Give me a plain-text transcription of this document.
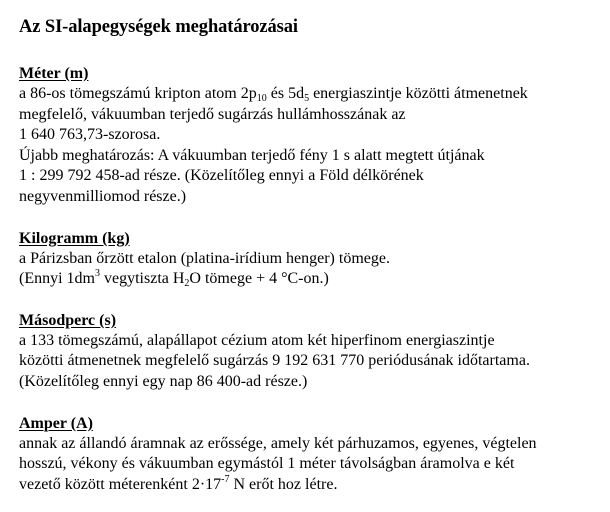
Az SI-alapegységek meghatározásai
Méter (m)
a 86-os tömegszámú kripton atom $2p_{10}$ és $5d_5$ energiaszintje közötti átmenetnek
megfelelő, vákuumban terjedő sugárzás hullámhosszának az
1 640 763,73-szorosa.
Újabb meghatározás: A vákuumban terjedő fény 1 s alatt megtett útjának
1 : 299 792 458-ad része. (Közelítőleg ennyi a Föld délkörének
negyvenmilliomod része.)
Kilogramm (kg)
a Párizsban őrzött etalon (platina-irídium henger) tömege.
(Ennyi $1dm^3$ vegytiszta $H_2O$ tömege + 4 °C-on.)
Másodperc (s)
a 133 tömegszámú, alapállapot cézium atom két hiperfinom energiaszintje
közötti átmenetnek megfelelő sugárzás 9 192 631 770 periódusának időtartama.
(Közelítőleg ennyi egy nap 86 400-ad része.)
Amper (A)
annak az állandó áramnak az erőssége, amely két párhuzamos, egyenes, végtelen
hosszú, vékony és vákuumban egymástól 1 méter távolságban áramolva e két
vezető között méterenként $2\cdot 17^{-7}$ N erőt hoz létre.
